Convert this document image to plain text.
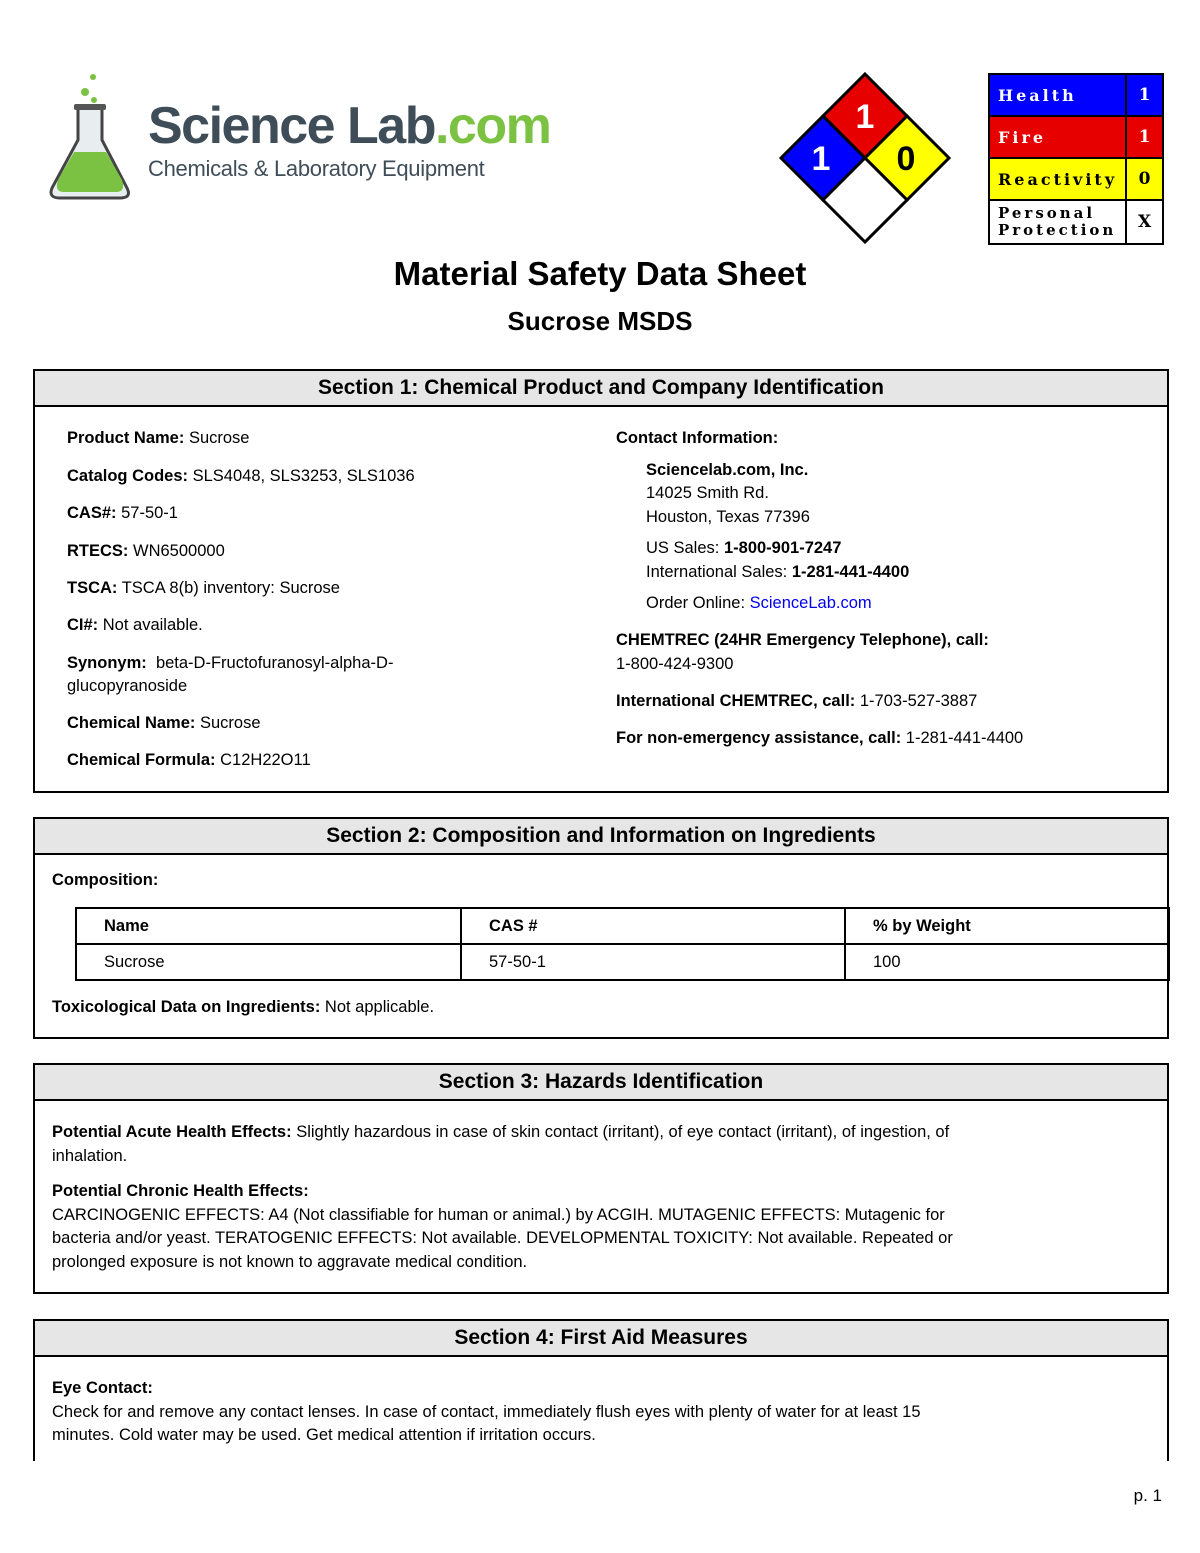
Science Lab.com
Chemicals & Laboratory Equipment
1
1 0
Health	1
Fire	1
Reactivity	0
Personal Protection	X
Material Safety Data Sheet
Sucrose MSDS
Section 1: Chemical Product and Company Identification
Product Name: Sucrose
Catalog Codes: SLS4048, SLS3253, SLS1036
CAS#: 57-50-1
RTECS: WN6500000
TSCA: TSCA 8(b) inventory: Sucrose
CI#: Not available.
Synonym: beta-D-Fructofuranosyl-alpha-D-
glucopyranoside
Chemical Name: Sucrose
Chemical Formula: C12H22O11
Contact Information:
Sciencelab.com, Inc.
14025 Smith Rd.
Houston, Texas 77396
US Sales: 1-800-901-7247
International Sales: 1-281-441-4400
Order Online: ScienceLab.com
CHEMTREC (24HR Emergency Telephone), call:
1-800-424-9300
International CHEMTREC, call: 1-703-527-3887
For non-emergency assistance, call: 1-281-441-4400
Section 2: Composition and Information on Ingredients
Composition:
Name	CAS #	% by Weight
Sucrose	57-50-1	100
Toxicological Data on Ingredients: Not applicable.
Section 3: Hazards Identification
Potential Acute Health Effects: Slightly hazardous in case of skin contact (irritant), of eye contact (irritant), of ingestion, of
inhalation.
Potential Chronic Health Effects:
CARCINOGENIC EFFECTS: A4 (Not classifiable for human or animal.) by ACGIH. MUTAGENIC EFFECTS: Mutagenic for
bacteria and/or yeast. TERATOGENIC EFFECTS: Not available. DEVELOPMENTAL TOXICITY: Not available. Repeated or
prolonged exposure is not known to aggravate medical condition.
Section 4: First Aid Measures
Eye Contact:
Check for and remove any contact lenses. In case of contact, immediately flush eyes with plenty of water for at least 15
minutes. Cold water may be used. Get medical attention if irritation occurs.
p. 1
